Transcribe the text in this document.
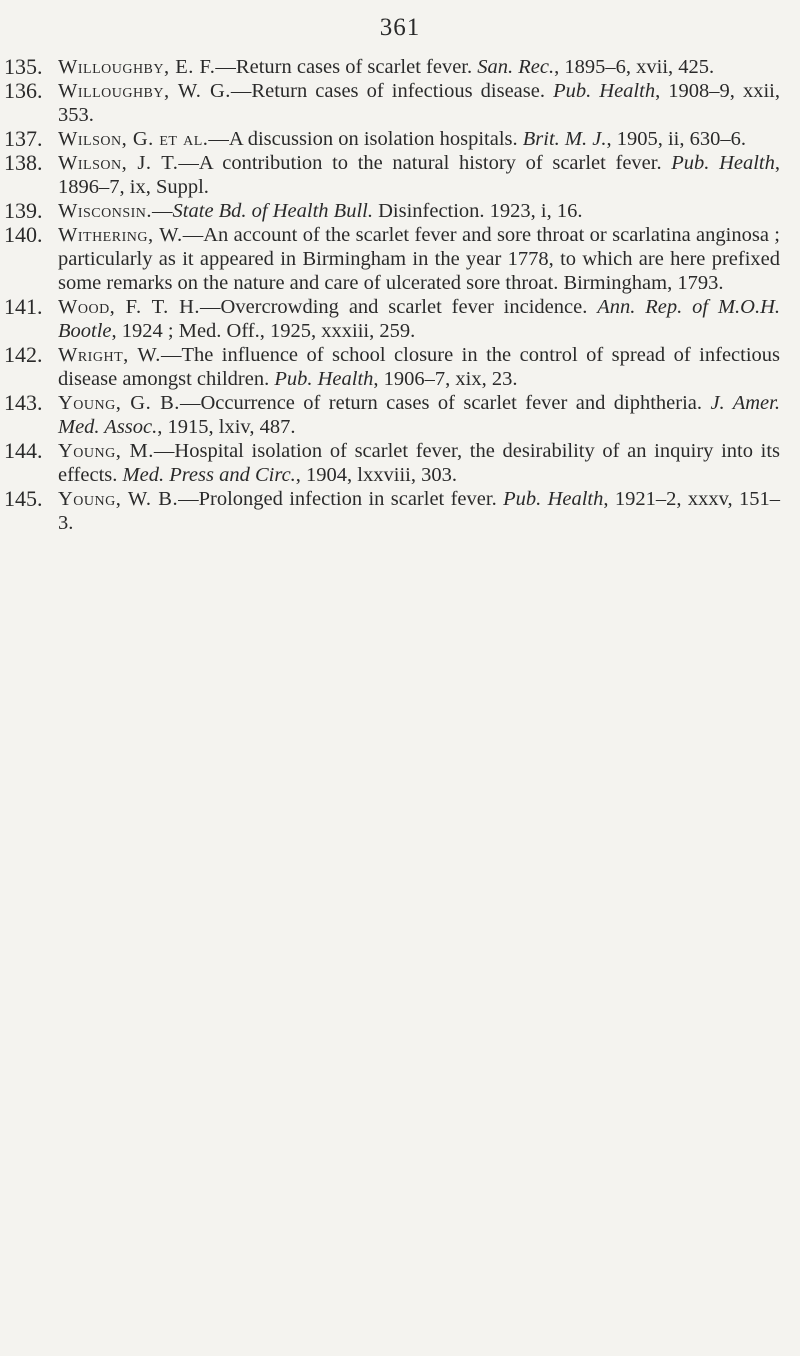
361

135. Willoughby, E. F.—Return cases of scarlet fever. San. Rec., 1895–6, xvii, 425.

136. Willoughby, W. G.—Return cases of infectious disease. Pub. Health, 1908–9, xxii, 353.

137. Wilson, G. et al.—A discussion on isolation hospitals. Brit. M. J., 1905, ii, 630–6.

138. Wilson, J. T.—A contribution to the natural history of scarlet fever. Pub. Health, 1896–7, ix, Suppl.

139. Wisconsin.—State Bd. of Health Bull. Disinfection. 1923, i, 16.

140. Withering, W.—An account of the scarlet fever and sore throat or scarlatina anginosa ; particularly as it appeared in Birmingham in the year 1778, to which are here prefixed some remarks on the nature and care of ulcerated sore throat. Birmingham, 1793.

141. Wood, F. T. H.—Overcrowding and scarlet fever incidence. Ann. Rep. of M.O.H. Bootle, 1924 ; Med. Off., 1925, xxxiii, 259.

142. Wright, W.—The influence of school closure in the control of spread of infectious disease amongst children. Pub. Health, 1906–7, xix, 23.

143. Young, G. B.—Occurrence of return cases of scarlet fever and diphtheria. J. Amer. Med. Assoc., 1915, lxiv, 487.

144. Young, M.—Hospital isolation of scarlet fever, the desirability of an inquiry into its effects. Med. Press and Circ., 1904, lxxviii, 303.

145. Young, W. B.—Prolonged infection in scarlet fever. Pub. Health, 1921–2, xxxv, 151–3.
